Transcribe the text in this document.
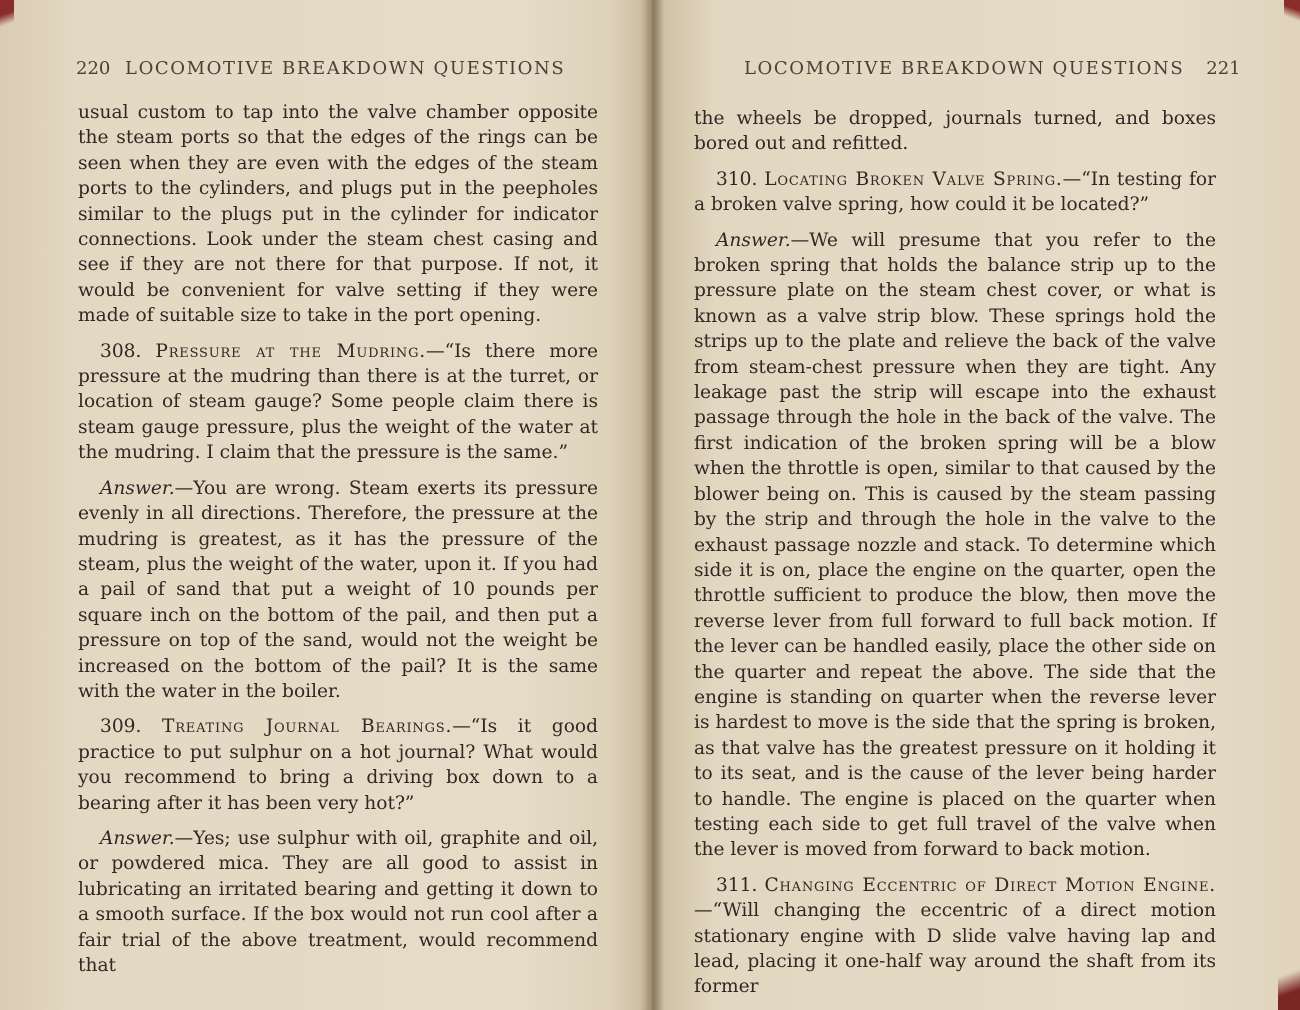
220 LOCOMOTIVE BREAKDOWN QUESTIONS

usual custom to tap into the valve chamber opposite the steam ports so that the edges of the rings can be seen when they are even with the edges of the steam ports to the cylinders, and plugs put in the peepholes similar to the plugs put in the cylinder for indicator connections. Look under the steam chest casing and see if they are not there for that purpose. If not, it would be convenient for valve setting if they were made of suitable size to take in the port opening.

308. Pressure at the Mudring.—“Is there more pressure at the mudring than there is at the turret, or location of steam gauge? Some people claim there is steam gauge pressure, plus the weight of the water at the mudring. I claim that the pressure is the same.”

Answer.—You are wrong. Steam exerts its pressure evenly in all directions. Therefore, the pressure at the mudring is greatest, as it has the pressure of the steam, plus the weight of the water, upon it. If you had a pail of sand that put a weight of 10 pounds per square inch on the bottom of the pail, and then put a pressure on top of the sand, would not the weight be increased on the bottom of the pail? It is the same with the water in the boiler.

309. Treating Journal Bearings.—“Is it good practice to put sulphur on a hot journal? What would you recommend to bring a driving box down to a bearing after it has been very hot?”

Answer.—Yes; use sulphur with oil, graphite and oil, or powdered mica. They are all good to assist in lubricating an irritated bearing and getting it down to a smooth surface. If the box would not run cool after a fair trial of the above treatment, would recommend that

LOCOMOTIVE BREAKDOWN QUESTIONS 221

the wheels be dropped, journals turned, and boxes bored out and refitted.

310. Locating Broken Valve Spring.—“In testing for a broken valve spring, how could it be located?”

Answer.—We will presume that you refer to the broken spring that holds the balance strip up to the pressure plate on the steam chest cover, or what is known as a valve strip blow. These springs hold the strips up to the plate and relieve the back of the valve from steam-chest pressure when they are tight. Any leakage past the strip will escape into the exhaust passage through the hole in the back of the valve. The first indication of the broken spring will be a blow when the throttle is open, similar to that caused by the blower being on. This is caused by the steam passing by the strip and through the hole in the valve to the exhaust passage nozzle and stack. To determine which side it is on, place the engine on the quarter, open the throttle sufficient to produce the blow, then move the reverse lever from full forward to full back motion. If the lever can be handled easily, place the other side on the quarter and repeat the above. The side that the engine is standing on quarter when the reverse lever is hardest to move is the side that the spring is broken, as that valve has the greatest pressure on it holding it to its seat, and is the cause of the lever being harder to handle. The engine is placed on the quarter when testing each side to get full travel of the valve when the lever is moved from forward to back motion.

311. Changing Eccentric of Direct Motion Engine.—“Will changing the eccentric of a direct motion stationary engine with D slide valve having lap and lead, placing it one-half way around the shaft from its former
